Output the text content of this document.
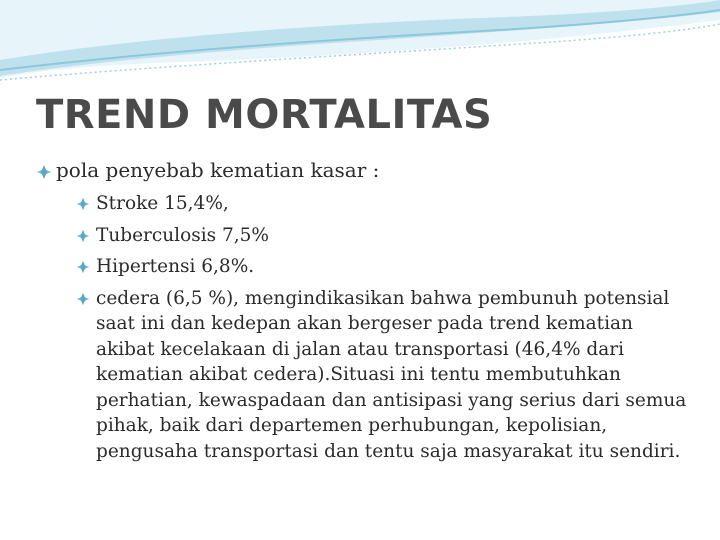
TREND MORTALITAS
pola penyebab kematian kasar :
Stroke 15,4%,
Tuberculosis 7,5%
Hipertensi 6,8%.
cedera (6,5 %), mengindikasikan bahwa pembunuh potensial saat ini dan kedepan akan bergeser pada trend kematian akibat kecelakaan di jalan atau transportasi (46,4% dari kematian akibat cedera).Situasi ini tentu membutuhkan perhatian, kewaspadaan dan antisipasi yang serius dari semua pihak, baik dari departemen perhubungan, kepolisian, pengusaha transportasi dan tentu saja masyarakat itu sendiri.
